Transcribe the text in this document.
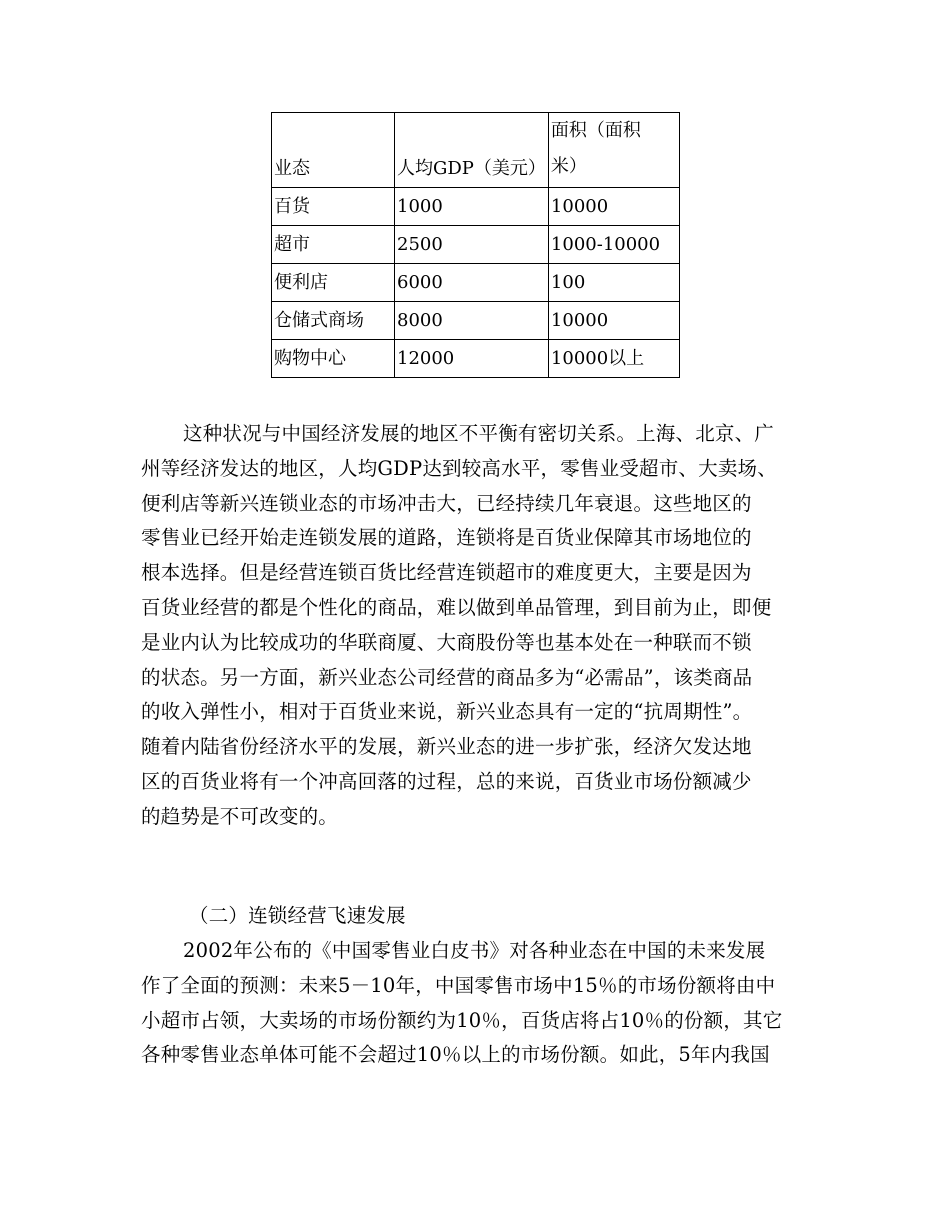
业态	人均GDP（美元）	面积（面积
米）

百货	1000	10000
超市	2500	1000-10000
便利店	6000	100
仓储式商场	8000	10000
购物中心	12000	10000以上
这种状况与中国经济发展的地区不平衡有密切关系。上海、北京、广
州等经济发达的地区，人均GDP达到较高水平，零售业受超市、大卖场、
便利店等新兴连锁业态的市场冲击大，已经持续几年衰退。这些地区的
零售业已经开始走连锁发展的道路，连锁将是百货业保障其市场地位的
根本选择。但是经营连锁百货比经营连锁超市的难度更大，主要是因为
百货业经营的都是个性化的商品，难以做到单品管理，到目前为止，即便
是业内认为比较成功的华联商厦、大商股份等也基本处在一种联而不锁
的状态。另一方面，新兴业态公司经营的商品多为“必需品”，该类商品
的收入弹性小，相对于百货业来说，新兴业态具有一定的“抗周期性”。
随着内陆省份经济水平的发展，新兴业态的进一步扩张，经济欠发达地
区的百货业将有一个冲高回落的过程，总的来说，百货业市场份额减少
的趋势是不可改变的。
（二）连锁经营飞速发展
2002年公布的《中国零售业白皮书》对各种业态在中国的未来发展
作了全面的预测：未来5－10年，中国零售市场中15％的市场份额将由中
小超市占领，大卖场的市场份额约为10％，百货店将占10％的份额，其它
各种零售业态单体可能不会超过10％以上的市场份额。如此，5年内我国
